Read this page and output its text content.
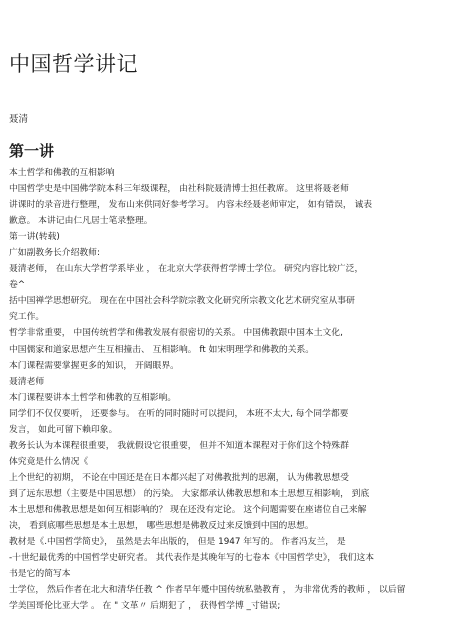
中国哲学讲记
聂清
第一讲
本土哲学和佛教的互相影响
中国哲学史是中国佛学院本科三年级课程， 由社科院聂清博士担任教席。 这里将聂老师
讲课时的录音进行整理， 发布山来供同好参考学习。 内容未经聂老师审定， 如有错误， 诚表
歉意。 本讲记由仁凡居士笔录整理。
第一讲(转载)
广如副教务长介绍教师:
聂清老师， 在山东大学哲学系毕业 ， 在北京大学获得哲学博士学位。 研究内容比较广泛，
卷^
括中国禅学思想研究。 现在在中国社会科学院宗教文化研究所宗教文化艺术研究室从事研
究工作。
哲学非常重要， 中国传统哲学和佛教发展有很密切的关系。 中国佛教跟中国本土文化,
中国儒家和道家思想产生互相撞击、 互相影响。 ft 如宋明理学和佛教的关系。
本门课程需要掌握更多的知识， 开阔眼界。
聂清老师
本门课程要讲本土哲学和佛教的互相影响。
同学们不仅仅要听， 还要参与。 在听的同时随时可以提问， 本班不太大, 每个同学都要
发言， 如此可留下賴印象。
教务长认为本课程很重要， 我就假设它很重要， 但并不知道本课程对于你们这个特殊群
体究竟是什么情况《
上个世纪的初期， 不论在中国还是在日本都兴起了对佛教批判的思潮， 认为佛教思想受
到了远东思想（主要是中国思想） 的污染。 大家都承认佛教思想和本土思想互相影响， 到底
本土思想和佛教思想是如何互相影响的？ 现在还没有定论。 这个问题需要在座诸位自己来解
决， 看到底哪些思想是本土思想， 哪些思想是佛教反过来反馈到中国的思想。
教材是《.中国哲学简史》， 虽然是去年出版的， 但是 1947 年写的。 作者冯友兰， 是
-十世纪最优秀的中国哲学史研究者。 其代表作是其晚年写的七卷本《中国哲学史》， 我们这本
书是它的简写本
士学位， 然后作者在北大和清华任教 ^ 作者早年蹙中国传统私塾教育 ， 为非常优秀的教师 ， 以后留
学美国哥伦比亚大学 。 在 " 文革〃 后期犯了 ， 获得哲学博 _寸错误;
